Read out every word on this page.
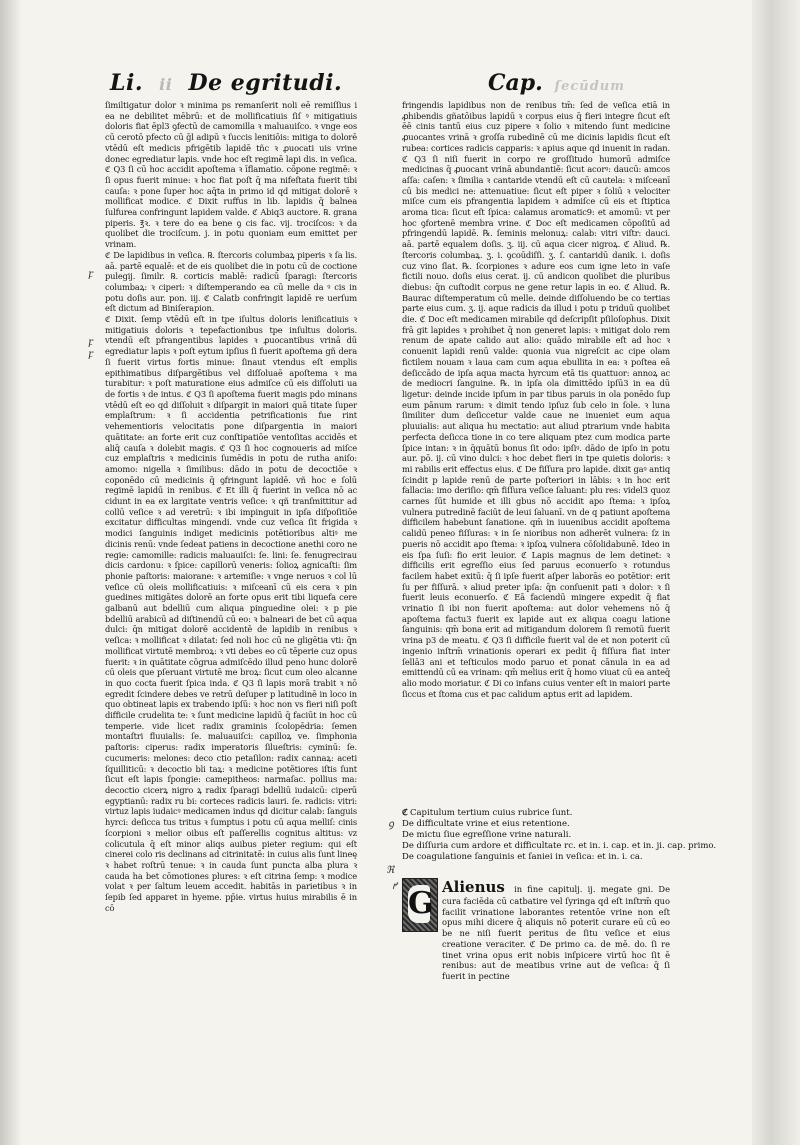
Li. ii De egritudi.	Cap. ſecūdum
ꝼ
ꝼ
ꝼ
ꝯ
ℜ
ꝵ

ſimiltigatur dolor ꝛ minima ps remanſerit noli eē remiſſius i ea ne debilitet mēbrū: et de mollificatiuis ſiſ ꝰ mitigatiuis doloris fiat ēpl3 ꝯfectū de camomilla ꝛ maluauiſco. ꝛ vnge eos cū cerotō pfecto cū ḡl adipū ꝛ ſuccis lenitiōis: mitiga to dolorē vtēdū eſt medicis pfrigētib lapidē tñc ꝛ ꝓuocati uis vrine donec egrediatur lapis. vnde hoc eſt regimē lapi dis. in veſica. ℭ Q3 ſi cū hoc accidit apoſtema ꝛ īflamatio. cōpone regimē: ꝛ ſi opus fuerit minue: ꝛ hoc fiat poſt q̄ ma nifeſtata fuerit tibi cauſa: ꝛ pone ſuper hoc aq̄ta in primo id qd mitigat dolorē ꝛ mollificat modice. ℭ Dixit ruffus in lib. lapidis q̄ balnea ſulfurea confringunt lapidem valde. ℭ Abiq3 auctore. ℞. grana piperis. ℥ꝛ. ꝛ tere do ea bene ꝯ cis fac. vij. trociſcos: ꝛ da quolibet die trociſcum. j. in potu quoniam eum emittet per vrinam.

ℭ De lapidibus in veſica. ℞. ſtercoris columbaꝝ piperis ꝛ ſa lis. aā. partē equalē: et de eis quolibet die in potu cū de coctione pulegij. ſimilr. ℞. corticis mablē: radicū ſparagi: ſtercoris columbaꝝ: ꝛ ciperi: ꝛ diſtemperando ea cū melle da ꝰ cis in potu doſis aur. pon. iij. ℭ Calatb confringit lapidē re uerſum eſt dictum ad Biniſerapion.

ℭ Dixit. ſemp vtēdū eſt in tpe iſultus doloris leniſicatiuis ꝛ mitigatiuis doloris ꝛ tepefactionibus tpe inſultus doloris. vtendū eſt pfrangentibus lapides ꝛ ꝓuocantibus vrinā dū egrediatur lapis ꝛ poſt eytum ipſius ſi fuerit apoſtema gñ dera ſi fuerit virtus fortis minue: ſinaut vtendus eſt emplis epithimatibus diſpargētibus vel diſſoluaē apoſtema ꝛ ma turabitur: ꝛ poſt maturatione eius admiſce cū eis diſſoluti ua de fortis ꝛ de intus. ℭ Q3 ſi apoſtema fuerit magis pdo minans vtēdū eſt eo qd diſſoluit ꝛ diſpargit in maiori quā titate ſuper emplaſtrum: ꝛ ſi accidentia petrificationis fue rint vehementioris velocitatis pone diſpargentia in maiori quātitate: an forte erit cuz conſtipatiōe ventoſitas accidēs et aliq̄ cauſa ꝛ dolebit magis. ℭ Q3 ſi hoc cognoueris ad miſce cuz emplaſtris ꝛ medicinis ſumēdis in potu de rutha aniſo: amomo: nigella ꝛ ſimilibus: dādo in potu de decoctiōe ꝛ coponēdo cū medicinis q̄ ꝯfringunt lapidē. vñ hoc e ſolū regimē lapidū in renibus. ℭ Et illi q̄ fuerint in veſica nō ac cidunt in ea ex largitate ventris veſice: ꝛ qñ tranſmittitur ad collū veſice ꝛ ad veretrū: ꝛ ibi impinguit in ipſa diſpoſitiōe excitatur difficultas mingendi. vnde cuz veſica ſit frigida ꝛ modici ſanguinis indiget medicinis potētioribus altiꝰ me dicinis renū: vnde ſedeat patiens in decoctione anethi coro ne regie: camomille: radicis maluauiſci: ſe. lini: ſe. fenugrecirau dicis cardonu: ꝛ ſpice: capillorū veneris: ſolioꝝ agnicaſti: ſim phonie paſtoris: maiorane: ꝛ artemiſie: ꝛ vnge neruos ꝛ col lū veſice cū oleis mollificatiuis: ꝛ miſceanī cū eis cera ꝛ pin guedines mitigātes dolorē an forte opus erit tibi liquefa cere galbanū aut bdelliū cum aliqua pinguedine olei: ꝛ p pie bdelliū arabicū ad diſtinendū cū eo: ꝛ balneari de bet cū aqua dulci: q̄n mitigat dolorē accidentē de lapidib in renibus ꝛ veſica: ꝛ mollificat ꝛ dilatat: ſed noli hoc cū ne gligētia vti: q̄n mollificat virtutē membroꝝ: ꝛ vti debes eo cū tēperie cuz opus fuerit: ꝛ in quātitate cōgrua admiſcēdo illud peno hunc dolorē cū oleis que pſeruant virtutē me broꝝ: ſicut cum oleo alcanne in quo cocta fuerit ſpica inda. ℭ Q3 ſi lapis morā trabit ꝛ nō egredit ſcindere debes ve retrū deſuper p latitudinē in loco in quo obtineat lapis ex trabendo ipſū: ꝛ hoc non vs fieri niſi poſt difficile crudelita te: ꝛ ſunt medicine lapidū q̄ faciūt in hoc cū temperie. vide licet radix graminis ſcolopēdria: ſemen montaſtri fluuialis: ſe. maluauiſci: capilloꝝ ve. ſimphonia paſtoris: ciperus: radix imperatoris ſilueſtris: cyminū: ſe. cucumeris: melones: deco ctio petaſilon: radix cannaꝝ: aceti ſquilliticū: ꝛ decoctio bli taꝝ: ꝛ medicine potētiores iſtis ſunt ſicut eſt lapis ſpongie: camepitheos: narmaſac. pollius ma: decoctio cicerꝝ nigro ꝝ radix ſparagi bdelliū iudaicū: ciperū egyptianū: radix ru bi: corteces radicis lauri. ſe. radicis: vitri: virtuz lapis iudaicꝰ medicamen indus qd dicitur calab: ſanguis hyrci: deſicca tus tritus ꝛ ſumptus i potu cū aqua melliſ: cinis ſcorpioni ꝛ melior oibus eſt paſſerellis cognitus altitus: vz colicutula q̄ eſt minor aliqs auibus pieter regium: qui eſt cinerei colo ris declinans ad citrinitatē: in cuius alis ſunt lineę ꝛ habet roſtrū tenue: ꝛ in cauda ſunt puncta alba plura ꝛ cauda ha bet cōmotiones plures: ꝛ eſt citrina ſemp: ꝛ modice volat ꝛ per ſaltum leuem accedit. habitās in parietibus ꝛ in ſepib ſed apparet in hyeme. pp̄ie. virtus huius mirabilis ē in cō

fringendis lapidibus non de renibus tm̄: ſed de veſica etiā in ꝓhibendis gñatōibus lapidū ꝛ corpus eius q̄ fieri integre ſicut eſt ēē cinis tantū eius cuz pipere ꝛ ſolio ꝛ mitendo ſunt medicine ꝓuocantes vrinā ꝛ groſſa rubedinē cū me dicinis lapidis ſicut eſt rubea: cortices radicis capparis: ꝛ apius aque qd inuenit in radan. ℭ Q3 ſi niſi fuerit in corpo re groſſitudo humorū admiſce medicinas q̄ ꝓuocant vrinā abundantiē: ſicut acorꝰ: daucū: amcos aſſa: caſen: ꝛ ſimilia ꝛ cantaride vtendū eſt cū cautela: ꝛ miſceanī cū bis medici ne: attenuatiue: ſicut eſt piper ꝛ ſoliū ꝛ velociter miſce cum eis pfrangentia lapidem ꝛ admiſce cū eis et ſtiptica aroma tica: ſicut eſt ſpica: calamus aromatic9: et amomū: vt per hoc ꝯfortenē membra vrine. ℭ Doc eſt medicamen cōpoſitū ad pfringendū lapidē. ℞. ſeminis melonuꝝ: calab: vitri viſtr: dauci. aā. partē equalem doſis. ʒ. iij. cū aqua cicer nigroꝝ. ℭ Aliud. ℞. ſtercoris columbaꝝ. ʒ. i. ꝯcoūdiſſi. ʒ. ſ. cantaridū danik. i. doſis cuz vino ſlat. ℞. ſcorpiones ꝛ adure eos cum igne leto in vaſe fictili nouo. doſis eius cerat. ij. cū andicon quolibet die pluribus diebus: q̄n cuſtodit corpus ne gene retur lapis in eo. ℭ Aliud. ℞. Baurac diſtemperatum cū melle. deinde diſſoluendo be co tertias parte eius cum. ʒ. ij. aque radicis da illud i potu p triduū quolibet die. ℭ Doc eſt medicamen mirabile qd deſcripſit pſiloſophus. Dixit frā git lapides ꝛ prohibet q̄ non generet lapis: ꝛ mitigat dolo rem renum de apate calido aut alio: quādo mirabile eſt ad hoc ꝛ conuenit lapidi renū valde: quonia vua nigreſcit ac cipe olam fictilem nouam ꝛ laua cam cum aqua ebullita in ea: ꝛ poſtea eā deſiccādo de ipſa aqua macta hyrcum etā tis quattuor: annoꝝ ac de mediocri ſanguine. ℞. in ipſa ola dimittēdo ipſū3 in ea dū ligetur: deinde incide ipſum in par tibus paruis in ola ponēdo ſup eum pānum rarum: ꝛ dimit tendo ipſuz ſub celo in ſole. ꝛ luna ſimiliter dum deſiccetur valde caue ne inueniet eum aqua pluuialis: aut aliqua hu mectatio: aut aliud ptrarium vnde habita perfecta deſicca tione in co tere aliquam ptez cum modica parte ſpice intan: ꝛ in q̄quātū bonus ſit odo: ipſiꝰ. dādo de ipſo in potu aur. pō. ij. cū vino dulci: ꝛ hoc debet fieri in tpe quietis doloris: ꝛ mi rabilis erit effectus eius. ℭ De fiſſura pro lapide. dixit gaꝰ antiq ſcindit p lapide renū de parte poſteriori in lābis: ꝛ in hoc erit fallacia: imo deriſio: qm̄ fiſſura veſice ſaluant: plu res: videl3 quoz carnes ſūt humide et illi gbus nō accidit apo ſtema: ꝛ ipſoꝝ vulnera putredinē faciūt de leui ſaluanī. vn de q patiunt apoſtema difficilem habebunt ſanatione. qm̄ in iuuenibus accidit apoſtema calidū peneo fiſſuras: ꝛ in ſe nioribus non adherēt vulnera: ſz in pueris nō accidit apo ſtema: ꝛ ipſoꝝ vulnera cōſolidabunē. Ideo in eis ſpa ſuſi: fio erit leuior. ℭ Lapis magnus de lem detinet: ꝛ difficilis erit egreſſio eius ſed paruus econuerſo ꝛ rotundus facilem habet exitū: q̄ ſi ipſe fuerit aſper laborās eo potētior: erit ſu per fiſſurā. ꝛ aliud preter ipſa: q̄n conſuenit pati ꝛ dolor: ꝛ ſi fuerit leuis econuerſo. ℭ Eā faciendū mingere expedit q̄ fiat vrinatio ſi ibi non fuerit apoſtema: aut dolor vehemens nō q̄ apoſtema factu3 fuerit ex lapide aut ex aliqua coagu latione ſanguinis: qm̄ bona erit ad mitigandum dolorem ſi remotū fuerit vrina p3 de meatu. ℭ Q3 ſi difficile fuerit val de et non poterit cū ingenio inſtrm̄ vrinationis operari ex pedit q̄ fiſſura fiat inter ſellā3 ani et teſticulos modo paruo et ponat cānula in ea ad emittendū cū ea vrinam: qm̄ melius erit q̄ homo viuat cū ea anteq̄ alio modo moriatur. ℭ Di co infans cuius venter eſt in maiori parte ſiccus et ſtoma cus et pac calidum aptus erit ad lapidem.

ℭ Capitulum tertium cuius rubrice ſunt.
De difficultate vrine et eius retentione.
De mictu ſiue egreſſione vrine naturali.
De diſſuria cum ardore et difficultate rc. et in. i. cap. et in. ji. cap. primo.
De coagulatione ſanguinis et ſaniei in veſica: et in. i. ca.
G Alienus in fine capitulj. ij. megate gni. De cura faciēda cū catbatire vel ſyringa qd eſt inſtrm̄ quo facilit vrinatione laborantes retentōe vrine non eſt opus mihi dicere q̄ aliquis nō poterit curare eū cū eo be ne niſi fuerit peritus de ſitu veſice et eius creatione veraciter. ℭ De primo ca. de mē. do. ſi re tinet vrina opus erit nobis inſpicere virtū hoc ſit ē renibus: aut de meatibus vrine aut de veſica: q̄ ſi fuerit in pectine
